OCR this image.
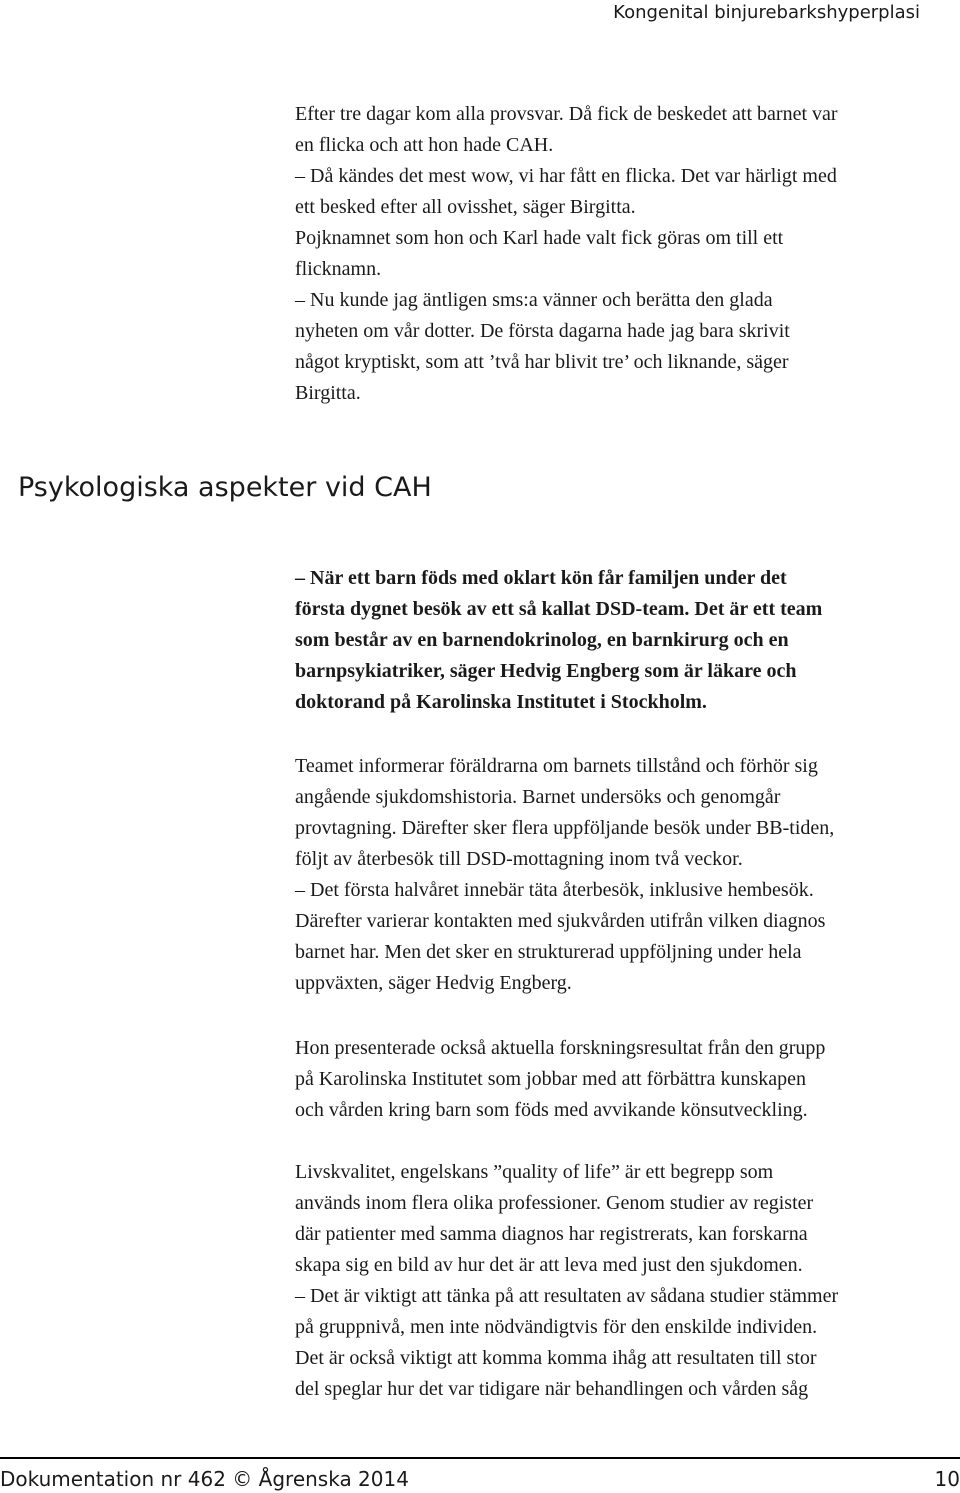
Kongenital binjurebarkshyperplasi

Efter tre dagar kom alla provsvar. Då fick de beskedet att barnet var

en flicka och att hon hade CAH.

– Då kändes det mest wow, vi har fått en flicka. Det var härligt med

ett besked efter all ovisshet, säger Birgitta.

Pojknamnet som hon och Karl hade valt fick göras om till ett

flicknamn.

– Nu kunde jag äntligen sms:a vänner och berätta den glada

nyheten om vår dotter. De första dagarna hade jag bara skrivit

något kryptiskt, som att ’två har blivit tre’ och liknande, säger

Birgitta.

Psykologiska aspekter vid CAH

– När ett barn föds med oklart kön får familjen under det

första dygnet besök av ett så kallat DSD-team. Det är ett team

som består av en barnendokrinolog, en barnkirurg och en

barnpsykiatriker, säger Hedvig Engberg som är läkare och

doktorand på Karolinska Institutet i Stockholm.

Teamet informerar föräldrarna om barnets tillstånd och förhör sig

angående sjukdomshistoria. Barnet undersöks och genomgår

provtagning. Därefter sker flera uppföljande besök under BB-tiden,

följt av återbesök till DSD-mottagning inom två veckor.

– Det första halvåret innebär täta återbesök, inklusive hembesök.

Därefter varierar kontakten med sjukvården utifrån vilken diagnos

barnet har. Men det sker en strukturerad uppföljning under hela

uppväxten, säger Hedvig Engberg.

Hon presenterade också aktuella forskningsresultat från den grupp

på Karolinska Institutet som jobbar med att förbättra kunskapen

och vården kring barn som föds med avvikande könsutveckling.

Livskvalitet, engelskans ”quality of life” är ett begrepp som

används inom flera olika professioner. Genom studier av register

där patienter med samma diagnos har registrerats, kan forskarna

skapa sig en bild av hur det är att leva med just den sjukdomen.

– Det är viktigt att tänka på att resultaten av sådana studier stämmer

på gruppnivå, men inte nödvändigtvis för den enskilde individen.

Det är också viktigt att komma komma ihåg att resultaten till stor

del speglar hur det var tidigare när behandlingen och vården såg

Dokumentation nr 462 © Ågrenska 2014	10
